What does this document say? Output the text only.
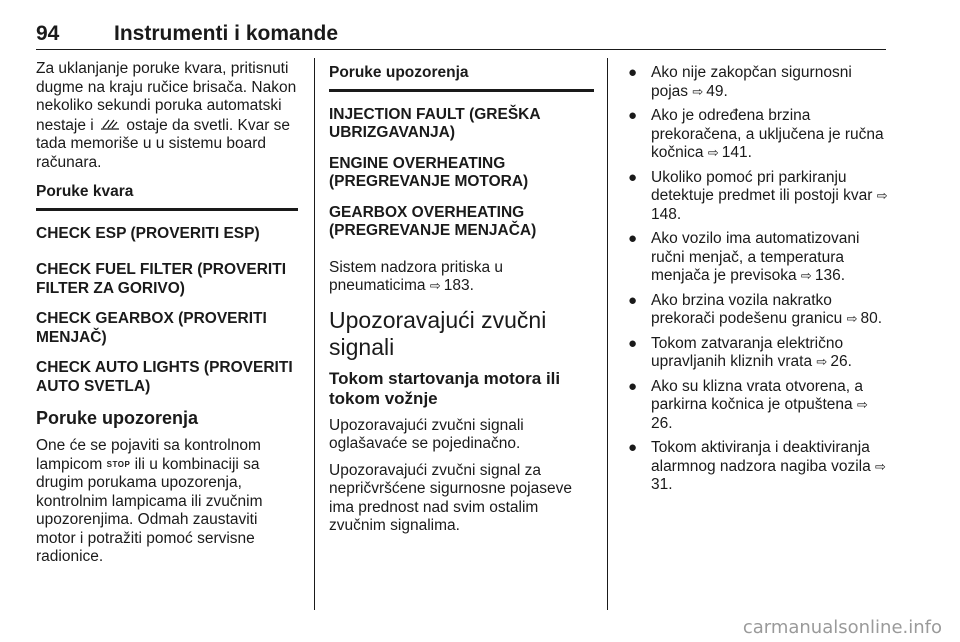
94	Instrumenti i komande

Za uklanjanje poruke kvara, pritisnuti dugme na kraju ručice brisača. Nakon nekoliko sekundi poruka automatski nestaje i ostaje da svetli. Kvar se tada memoriše u u sistemu board računara.

Poruke kvara
CHECK ESP (PROVERITI ESP)
CHECK FUEL FILTER (PROVERITI FILTER ZA GORIVO)
CHECK GEARBOX (PROVERITI MENJAČ)
CHECK AUTO LIGHTS (PROVERITI AUTO SVETLA)
Poruke upozorenja

One će se pojaviti sa kontrolnom lampicom STOP ili u kombinaciji sa drugim porukama upozorenja, kontrolnim lampicama ili zvučnim upozorenjima. Odmah zaustaviti motor i potražiti pomoć servisne radionice.

Poruke upozorenja
INJECTION FAULT (GREŠKA UBRIZGAVANJA)
ENGINE OVERHEATING (PREGREVANJE MOTORA)
GEARBOX OVERHEATING (PREGREVANJE MENJAČA)

Sistem nadzora pritiska u pneumaticima ⇨ 183.

Upozoravajući zvučni signali
Tokom startovanja motora ili tokom vožnje

Upozoravajući zvučni signali oglašavaće se pojedinačno.

Upozoravajući zvučni signal za nepričvršćene sigurnosne pojaseve ima prednost nad svim ostalim zvučnim signalima.

● Ako nije zakopčan sigurnosni pojas ⇨ 49.
● Ako je određena brzina prekoračena, a uključena je ručna kočnica ⇨ 141.
● Ukoliko pomoć pri parkiranju detektuje predmet ili postoji kvar ⇨148.
● Ako vozilo ima automatizovani ručni menjač, a temperatura menjača je previsoka ⇨ 136.
● Ako brzina vozila nakratko prekorači podešenu granicu ⇨ 80.
● Tokom zatvaranja električno upravljanih kliznih vrata ⇨ 26.
● Ako su klizna vrata otvorena, a parkirna kočnica je otpuštena ⇨26.
● Tokom aktiviranja i deaktiviranja alarmnog nadzora nagiba vozila ⇨31.
carmanualsonline.info
